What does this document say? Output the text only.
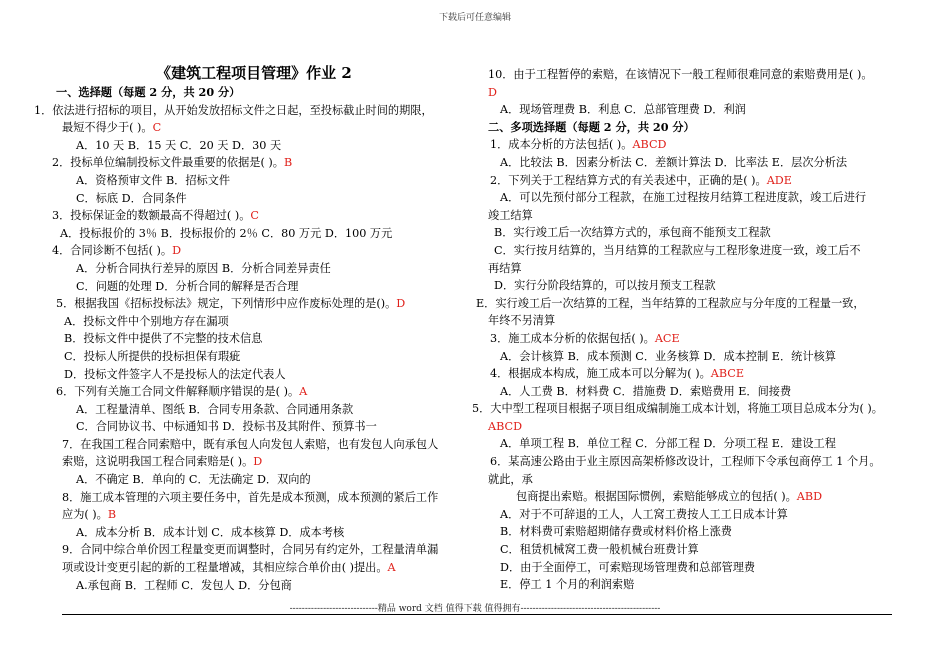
下载后可任意编辑
《建筑工程项目管理》作业 2
一、选择题（每题 2 分，共 20 分）
1．依法进行招标的项目，从开始发放招标文件之日起，至投标截止时间的期限，
最短不得少于( )。C
A．10 天 B．15 天 C．20 天 D．30 天
2．投标单位编制投标文件最重要的依据是( )。B
A．资格预审文件 B．招标文件
C．标底 D．合同条件
3．投标保证金的数额最高不得超过( )。C
A．投标报价的 3％ B．投标报价的 2％ C．80 万元 D．100 万元
4．合同诊断不包括( )。D
A．分析合同执行差异的原因 B．分析合同差异责任
C．问题的处理 D．分析合同的解释是否合理
5．根据我国《招标投标法》规定，下列情形中应作废标处理的是()。D
A．投标文件中个别地方存在漏项
B．投标文件中提供了不完整的技术信息
C．投标人所提供的投标担保有瑕疵
D．投标文件签字人不是投标人的法定代表人
6．下列有关施工合同文件解释顺序错误的是( )。A
A．工程量清单、图纸 B．合同专用条款、合同通用条款
C．合同协议书、中标通知书 D．投标书及其附件、预算书一
7．在我国工程合同索赔中，既有承包人向发包人索赔，也有发包人向承包人
索赔，这说明我国工程合同索赔是( )。D
A．不确定 B．单向的 C．无法确定 D．双向的
8．施工成本管理的六项主要任务中，首先是成本预测，成本预测的紧后工作
应为( )。B
A．成本分析 B．成本计划 C．成本核算 D．成本考核
9．合同中综合单价因工程量变更而调整时，合同另有约定外，工程量清单漏
项或设计变更引起的新的工程量增减，其相应综合单价由( )提出。A
A.承包商 B．工程师 C．发包人 D．分包商
10．由于工程暂停的索赔，在该情况下一般工程师很难同意的索赔费用是( )。
D
A．现场管理费 B．利息 C．总部管理费 D．利润
二、多项选择题（每题 2 分，共 20 分）
1．成本分析的方法包括( )。ABCD
A．比较法 B．因素分析法 C．差额计算法 D．比率法 E．层次分析法
2．下列关于工程结算方式的有关表述中，正确的是( )。ADE
A．可以先预付部分工程款，在施工过程按月结算工程进度款，竣工后进行
竣工结算
B．实行竣工后一次结算方式的，承包商不能预支工程款
C．实行按月结算的，当月结算的工程款应与工程形象进度一致，竣工后不
再结算
D．实行分阶段结算的，可以按月预支工程款
E．实行竣工后一次结算的工程，当年结算的工程款应与分年度的工程量一致，
年终不另清算
3．施工成本分析的依据包括( )。ACE
A．会计核算 B．成本预测 C．业务核算 D．成本控制 E．统计核算
4．根据成本构成，施工成本可以分解为( )。ABCE
A．人工费 B．材料费 C．措施费 D．索赔费用 E．间接费
5．大中型工程项目根据子项目组成编制施工成本计划，将施工项目总成本分为( )。
ABCD
A．单项工程 B．单位工程 C．分部工程 D．分项工程 E．建设工程
6．某高速公路由于业主原因高架桥修改设计，工程师下令承包商停工 1 个月。
就此，承
包商提出索赔。根据国际惯例，索赔能够成立的包括( )。ABD
A．对于不可辞退的工人，人工窝工费按人工工日成本计算
B．材料费可索赔超期储存费或材料价格上涨费
C．租赁机械窝工费一般机械台班费计算
D．由于全面停工，可索赔现场管理费和总部管理费
E．停工 1 个月的利润索赔
-----------------------------精品 word 文档 值得下载 值得拥有----------------------------------------------
